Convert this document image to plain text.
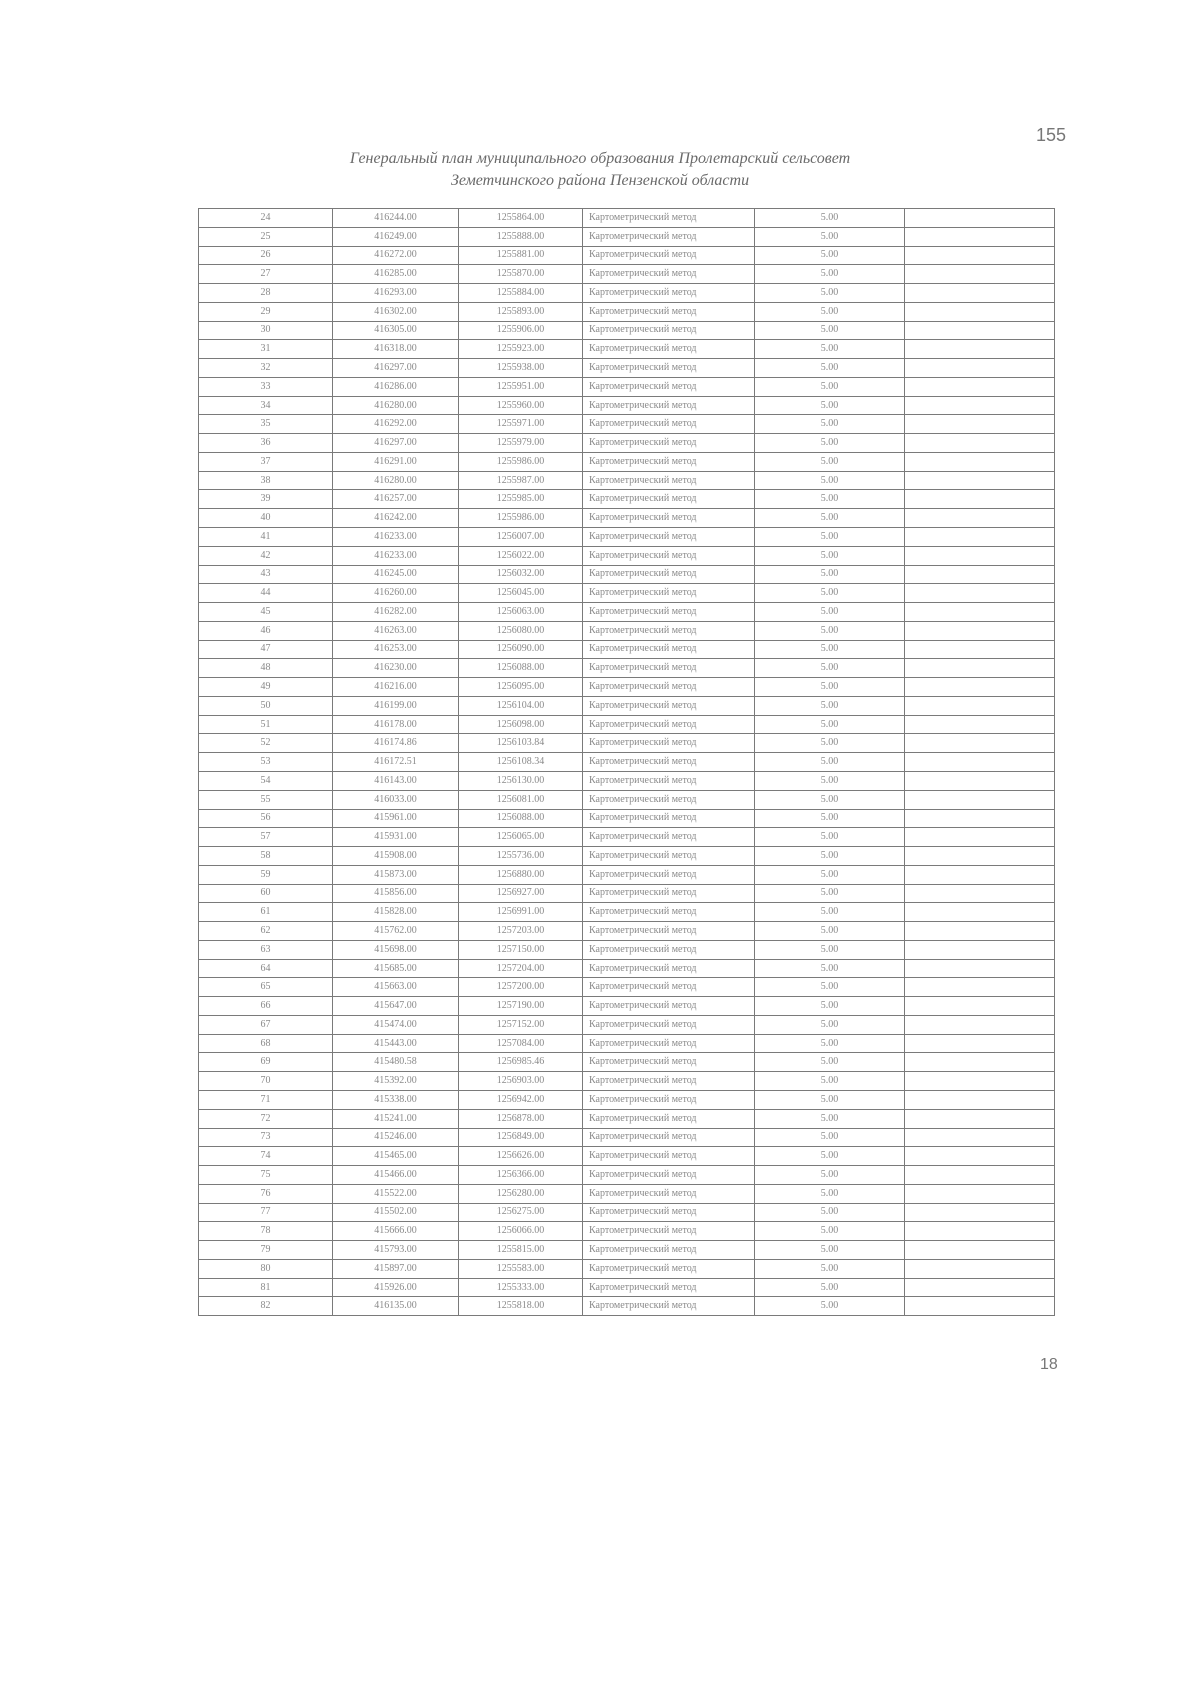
155
Генеральный план муниципального образования Пролетарский сельсовет
Земетчинского района Пензенской области
24	416244.00	1255864.00	Картометрический метод	5.00	
25	416249.00	1255888.00	Картометрический метод	5.00	
26	416272.00	1255881.00	Картометрический метод	5.00	
27	416285.00	1255870.00	Картометрический метод	5.00	
28	416293.00	1255884.00	Картометрический метод	5.00	
29	416302.00	1255893.00	Картометрический метод	5.00	
30	416305.00	1255906.00	Картометрический метод	5.00	
31	416318.00	1255923.00	Картометрический метод	5.00	
32	416297.00	1255938.00	Картометрический метод	5.00	
33	416286.00	1255951.00	Картометрический метод	5.00	
34	416280.00	1255960.00	Картометрический метод	5.00	
35	416292.00	1255971.00	Картометрический метод	5.00	
36	416297.00	1255979.00	Картометрический метод	5.00	
37	416291.00	1255986.00	Картометрический метод	5.00	
38	416280.00	1255987.00	Картометрический метод	5.00	
39	416257.00	1255985.00	Картометрический метод	5.00	
40	416242.00	1255986.00	Картометрический метод	5.00	
41	416233.00	1256007.00	Картометрический метод	5.00	
42	416233.00	1256022.00	Картометрический метод	5.00	
43	416245.00	1256032.00	Картометрический метод	5.00	
44	416260.00	1256045.00	Картометрический метод	5.00	
45	416282.00	1256063.00	Картометрический метод	5.00	
46	416263.00	1256080.00	Картометрический метод	5.00	
47	416253.00	1256090.00	Картометрический метод	5.00	
48	416230.00	1256088.00	Картометрический метод	5.00	
49	416216.00	1256095.00	Картометрический метод	5.00	
50	416199.00	1256104.00	Картометрический метод	5.00	
51	416178.00	1256098.00	Картометрический метод	5.00	
52	416174.86	1256103.84	Картометрический метод	5.00	
53	416172.51	1256108.34	Картометрический метод	5.00	
54	416143.00	1256130.00	Картометрический метод	5.00	
55	416033.00	1256081.00	Картометрический метод	5.00	
56	415961.00	1256088.00	Картометрический метод	5.00	
57	415931.00	1256065.00	Картометрический метод	5.00	
58	415908.00	1255736.00	Картометрический метод	5.00	
59	415873.00	1256880.00	Картометрический метод	5.00	
60	415856.00	1256927.00	Картометрический метод	5.00	
61	415828.00	1256991.00	Картометрический метод	5.00	
62	415762.00	1257203.00	Картометрический метод	5.00	
63	415698.00	1257150.00	Картометрический метод	5.00	
64	415685.00	1257204.00	Картометрический метод	5.00	
65	415663.00	1257200.00	Картометрический метод	5.00	
66	415647.00	1257190.00	Картометрический метод	5.00	
67	415474.00	1257152.00	Картометрический метод	5.00	
68	415443.00	1257084.00	Картометрический метод	5.00	
69	415480.58	1256985.46	Картометрический метод	5.00	
70	415392.00	1256903.00	Картометрический метод	5.00	
71	415338.00	1256942.00	Картометрический метод	5.00	
72	415241.00	1256878.00	Картометрический метод	5.00	
73	415246.00	1256849.00	Картометрический метод	5.00	
74	415465.00	1256626.00	Картометрический метод	5.00	
75	415466.00	1256366.00	Картометрический метод	5.00	
76	415522.00	1256280.00	Картометрический метод	5.00	
77	415502.00	1256275.00	Картометрический метод	5.00	
78	415666.00	1256066.00	Картометрический метод	5.00	
79	415793.00	1255815.00	Картометрический метод	5.00	
80	415897.00	1255583.00	Картометрический метод	5.00	
81	415926.00	1255333.00	Картометрический метод	5.00	
82	416135.00	1255818.00	Картометрический метод	5.00	
18
